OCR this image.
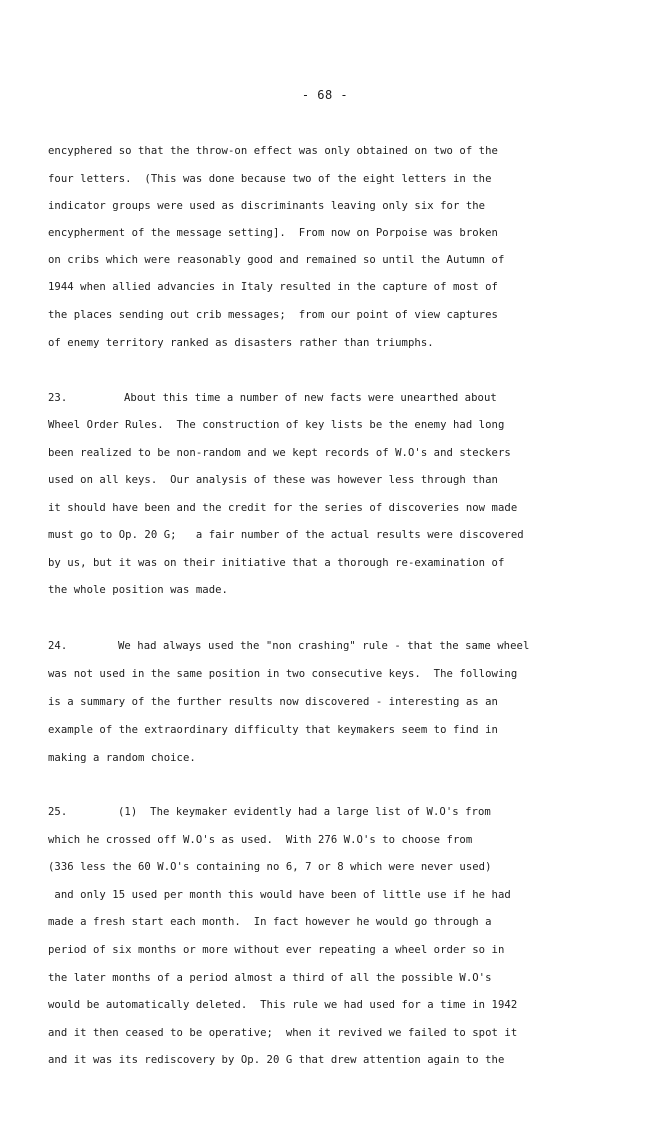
- 68 -
encyphered so that the throw-on effect was only obtained on two of the
four letters.  (This was done because two of the eight letters in the
indicator groups were used as discriminants leaving only six for the
encypherment of the message setting].  From now on Porpoise was broken
on cribs which were reasonably good and remained so until the Autumn of
1944 when allied advancies in Italy resulted in the capture of most of
the places sending out crib messages;  from our point of view captures
of enemy territory ranked as disasters rather than triumphs.
23.	About this time a number of new facts were unearthed about
Wheel Order Rules.  The construction of key lists be the enemy had long
been realized to be non-random and we kept records of W.O's and steckers
used on all keys.  Our analysis of these was however less through than
it should have been and the credit for the series of discoveries now made
must go to Op. 20 G;   a fair number of the actual results were discovered
by us, but it was on their initiative that a thorough re-examination of
the whole position was made.
24.	We had always used the "non crashing" rule - that the same wheel
was not used in the same position in two consecutive keys.  The following
is a summary of the further results now discovered - interesting as an
example of the extraordinary difficulty that keymakers seem to find in
making a random choice.
25.	(1)  The keymaker evidently had a large list of W.O's from
which he crossed off W.O's as used.  With 276 W.O's to choose from
(336 less the 60 W.O's containing no 6, 7 or 8 which were never used)
and only 15 used per month this would have been of little use if he had
made a fresh start each month.  In fact however he would go through a
period of six months or more without ever repeating a wheel order so in
the later months of a period almost a third of all the possible W.O's
would be automatically deleted.  This rule we had used for a time in 1942
and it then ceased to be operative;  when it revived we failed to spot it
and it was its rediscovery by Op. 20 G that drew attention again to the
